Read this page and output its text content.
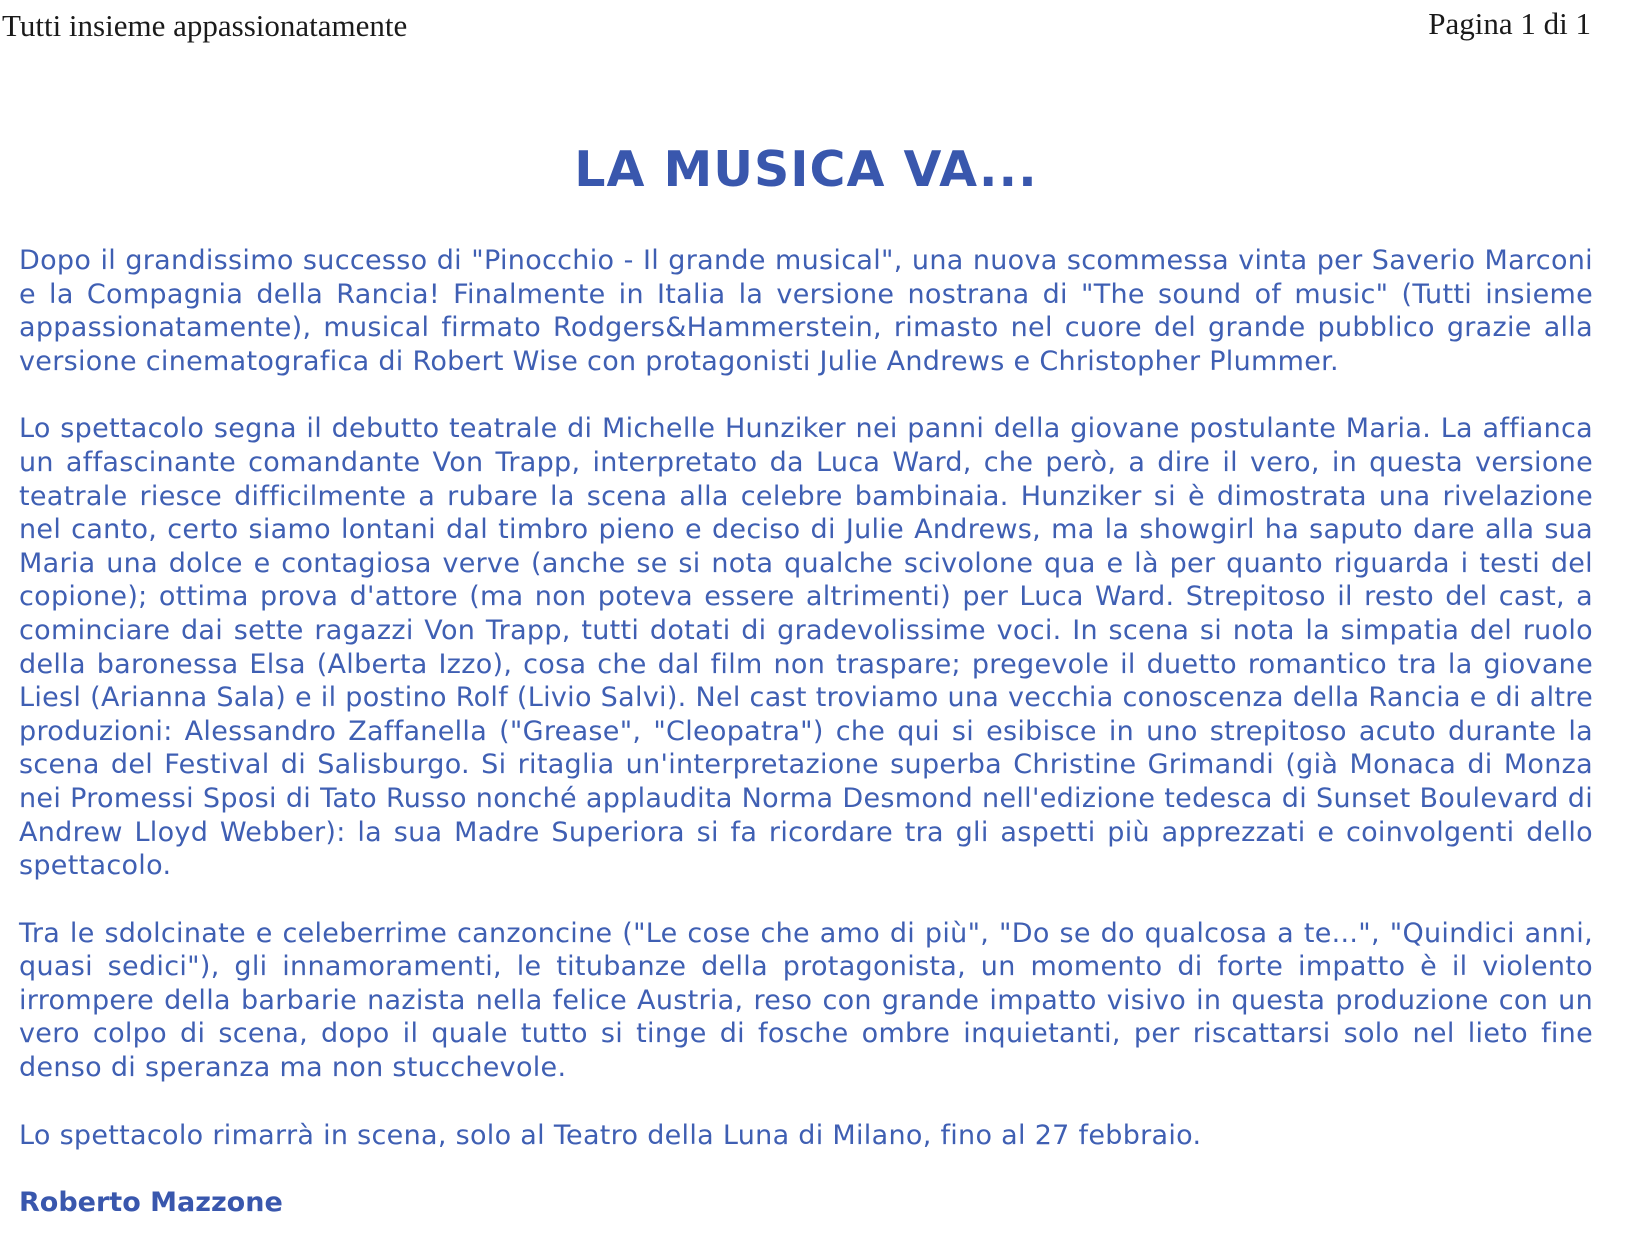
Tutti insieme appassionatamente	Pagina 1 di 1
LA MUSICA VA...

Dopo il grandissimo successo di "Pinocchio - Il grande musical", una nuova scommessa vinta per Saverio Marconi e la Compagnia della Rancia! Finalmente in Italia la versione nostrana di "The sound of music" (Tutti insieme appassionatamente), musical firmato Rodgers&Hammerstein, rimasto nel cuore del grande pubblico grazie alla versione cinematografica di Robert Wise con protagonisti Julie Andrews e Christopher Plummer.

Lo spettacolo segna il debutto teatrale di Michelle Hunziker nei panni della giovane postulante Maria. La affianca un affascinante comandante Von Trapp, interpretato da Luca Ward, che però, a dire il vero, in questa versione teatrale riesce difficilmente a rubare la scena alla celebre bambinaia. Hunziker si è dimostrata una rivelazione nel canto, certo siamo lontani dal timbro pieno e deciso di Julie Andrews, ma la showgirl ha saputo dare alla sua Maria una dolce e contagiosa verve (anche se si nota qualche scivolone qua e là per quanto riguarda i testi del copione); ottima prova d'attore (ma non poteva essere altrimenti) per Luca Ward. Strepitoso il resto del cast, a cominciare dai sette ragazzi Von Trapp, tutti dotati di gradevolissime voci. In scena si nota la simpatia del ruolo della baronessa Elsa (Alberta Izzo), cosa che dal film non traspare; pregevole il duetto romantico tra la giovane Liesl (Arianna Sala) e il postino Rolf (Livio Salvi). Nel cast troviamo una vecchia conoscenza della Rancia e di altre produzioni: Alessandro Zaffanella ("Grease", "Cleopatra") che qui si esibisce in uno strepitoso acuto durante la scena del Festival di Salisburgo. Si ritaglia un'interpretazione superba Christine Grimandi (già Monaca di Monza nei Promessi Sposi di Tato Russo nonché applaudita Norma Desmond nell'edizione tedesca di Sunset Boulevard di Andrew Lloyd Webber): la sua Madre Superiora si fa ricordare tra gli aspetti più apprezzati e coinvolgenti dello spettacolo.

Tra le sdolcinate e celeberrime canzoncine ("Le cose che amo di più", "Do se do qualcosa a te...", "Quindici anni, quasi sedici"), gli innamoramenti, le titubanze della protagonista, un momento di forte impatto è il violento irrompere della barbarie nazista nella felice Austria, reso con grande impatto visivo in questa produzione con un vero colpo di scena, dopo il quale tutto si tinge di fosche ombre inquietanti, per riscattarsi solo nel lieto fine denso di speranza ma non stucchevole.

Lo spettacolo rimarrà in scena, solo al Teatro della Luna di Milano, fino al 27 febbraio.

Roberto Mazzone
